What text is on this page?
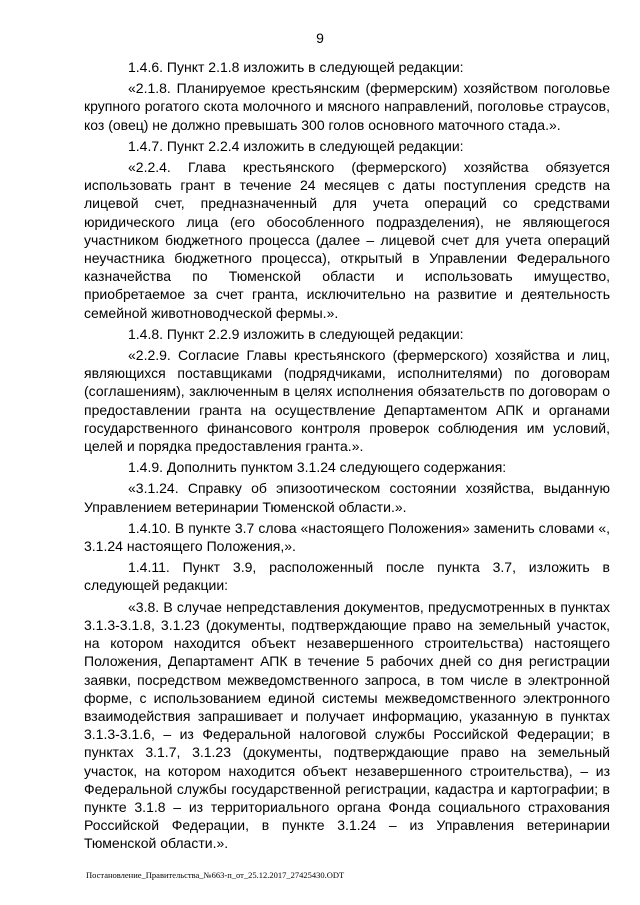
9

1.4.6. Пункт 2.1.8 изложить в следующей редакции:

«2.1.8. Планируемое крестьянским (фермерским) хозяйством поголовье крупного рогатого скота молочного и мясного направлений, поголовье страусов, коз (овец) не должно превышать 300 голов основного маточного стада.».

1.4.7. Пункт 2.2.4 изложить в следующей редакции:

«2.2.4. Глава крестьянского (фермерского) хозяйства обязуется использовать грант в течение 24 месяцев с даты поступления средств на лицевой счет, предназначенный для учета операций со средствами юридического лица (его обособленного подразделения), не являющегося участником бюджетного процесса (далее – лицевой счет для учета операций неучастника бюджетного процесса), открытый в Управлении Федерального казначейства по Тюменской области и использовать имущество, приобретаемое за счет гранта, исключительно на развитие и деятельность семейной животноводческой фермы.».

1.4.8. Пункт 2.2.9 изложить в следующей редакции:

«2.2.9. Согласие Главы крестьянского (фермерского) хозяйства и лиц, являющихся поставщиками (подрядчиками, исполнителями) по договорам (соглашениям), заключенным в целях исполнения обязательств по договорам о предоставлении гранта на осуществление Департаментом АПК и органами государственного финансового контроля проверок соблюдения им условий, целей и порядка предоставления гранта.».

1.4.9. Дополнить пунктом 3.1.24 следующего содержания:

«3.1.24. Справку об эпизоотическом состоянии хозяйства, выданную Управлением ветеринарии Тюменской области.».

1.4.10. В пункте 3.7 слова «настоящего Положения» заменить словами «, 3.1.24 настоящего Положения,».

1.4.11. Пункт 3.9, расположенный после пункта 3.7, изложить в следующей редакции:

«3.8. В случае непредставления документов, предусмотренных в пунктах 3.1.3-3.1.8, 3.1.23 (документы, подтверждающие право на земельный участок, на котором находится объект незавершенного строительства) настоящего Положения, Департамент АПК в течение 5 рабочих дней со дня регистрации заявки, посредством межведомственного запроса, в том числе в электронной форме, с использованием единой системы межведомственного электронного взаимодействия запрашивает и получает информацию, указанную в пунктах 3.1.3-3.1.6, – из Федеральной налоговой службы Российской Федерации; в пунктах 3.1.7, 3.1.23 (документы, подтверждающие право на земельный участок, на котором находится объект незавершенного строительства), – из Федеральной службы государственной регистрации, кадастра и картографии; в пункте 3.1.8 – из территориального органа Фонда социального страхования Российской Федерации, в пункте 3.1.24 – из Управления ветеринарии Тюменской области.».

Постановление_Правительства_№663-п_от_25.12.2017_27425430.ODT
